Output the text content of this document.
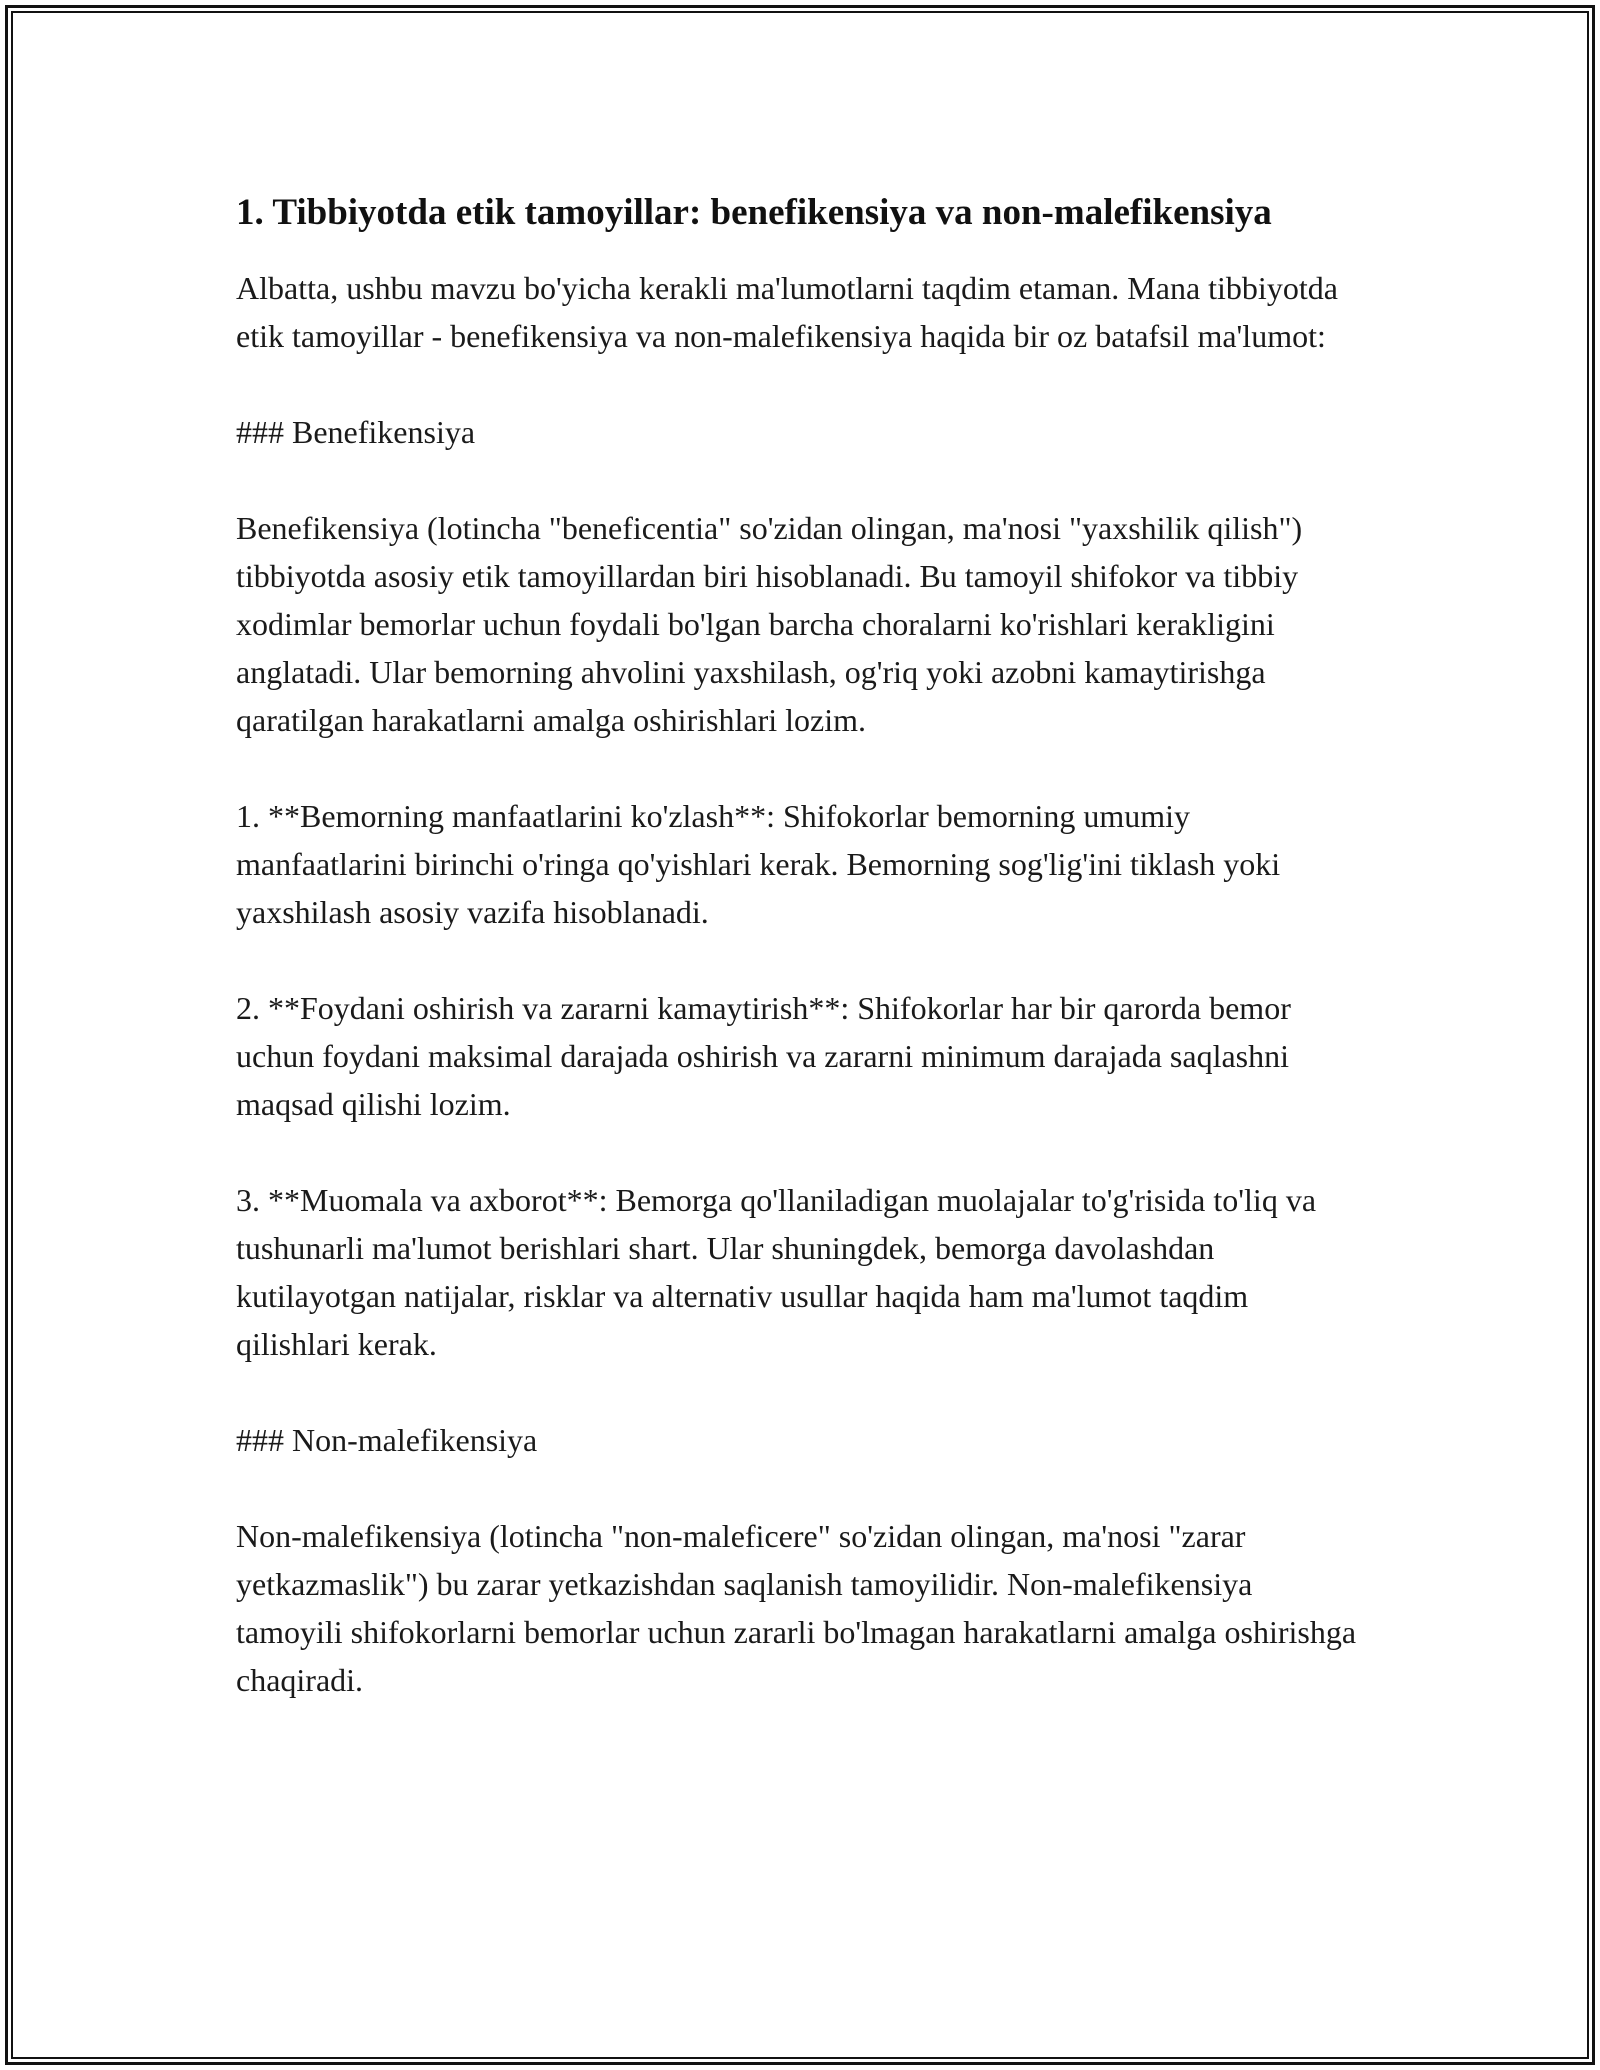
1. Tibbiyotda etik tamoyillar: benefikensiya va non-malefikensiya

Albatta, ushbu mavzu bo'yicha kerakli ma'lumotlarni taqdim etaman. Mana tibbiyotda etik tamoyillar - benefikensiya va non-malefikensiya haqida bir oz batafsil ma'lumot:

### Benefikensiya

Benefikensiya (lotincha "beneficentia" so'zidan olingan, ma'nosi "yaxshilik qilish") tibbiyotda asosiy etik tamoyillardan biri hisoblanadi. Bu tamoyil shifokor va tibbiy xodimlar bemorlar uchun foydali bo'lgan barcha choralarni ko'rishlari kerakligini anglatadi. Ular bemorning ahvolini yaxshilash, og'riq yoki azobni kamaytirishga qaratilgan harakatlarni amalga oshirishlari lozim.

1. **Bemorning manfaatlarini ko'zlash**: Shifokorlar bemorning umumiy manfaatlarini birinchi o'ringa qo'yishlari kerak. Bemorning sog'lig'ini tiklash yoki yaxshilash asosiy vazifa hisoblanadi.

2. **Foydani oshirish va zararni kamaytirish**: Shifokorlar har bir qarorda bemor uchun foydani maksimal darajada oshirish va zararni minimum darajada saqlashni maqsad qilishi lozim.

3. **Muomala va axborot**: Bemorga qo'llaniladigan muolajalar to'g'risida to'liq va tushunarli ma'lumot berishlari shart. Ular shuningdek, bemorga davolashdan kutilayotgan natijalar, risklar va alternativ usullar haqida ham ma'lumot taqdim qilishlari kerak.

### Non-malefikensiya

Non-malefikensiya (lotincha "non-maleficere" so'zidan olingan, ma'nosi "zarar yetkazmaslik") bu zarar yetkazishdan saqlanish tamoyilidir. Non-malefikensiya tamoyili shifokorlarni bemorlar uchun zararli bo'lmagan harakatlarni amalga oshirishga chaqiradi.
